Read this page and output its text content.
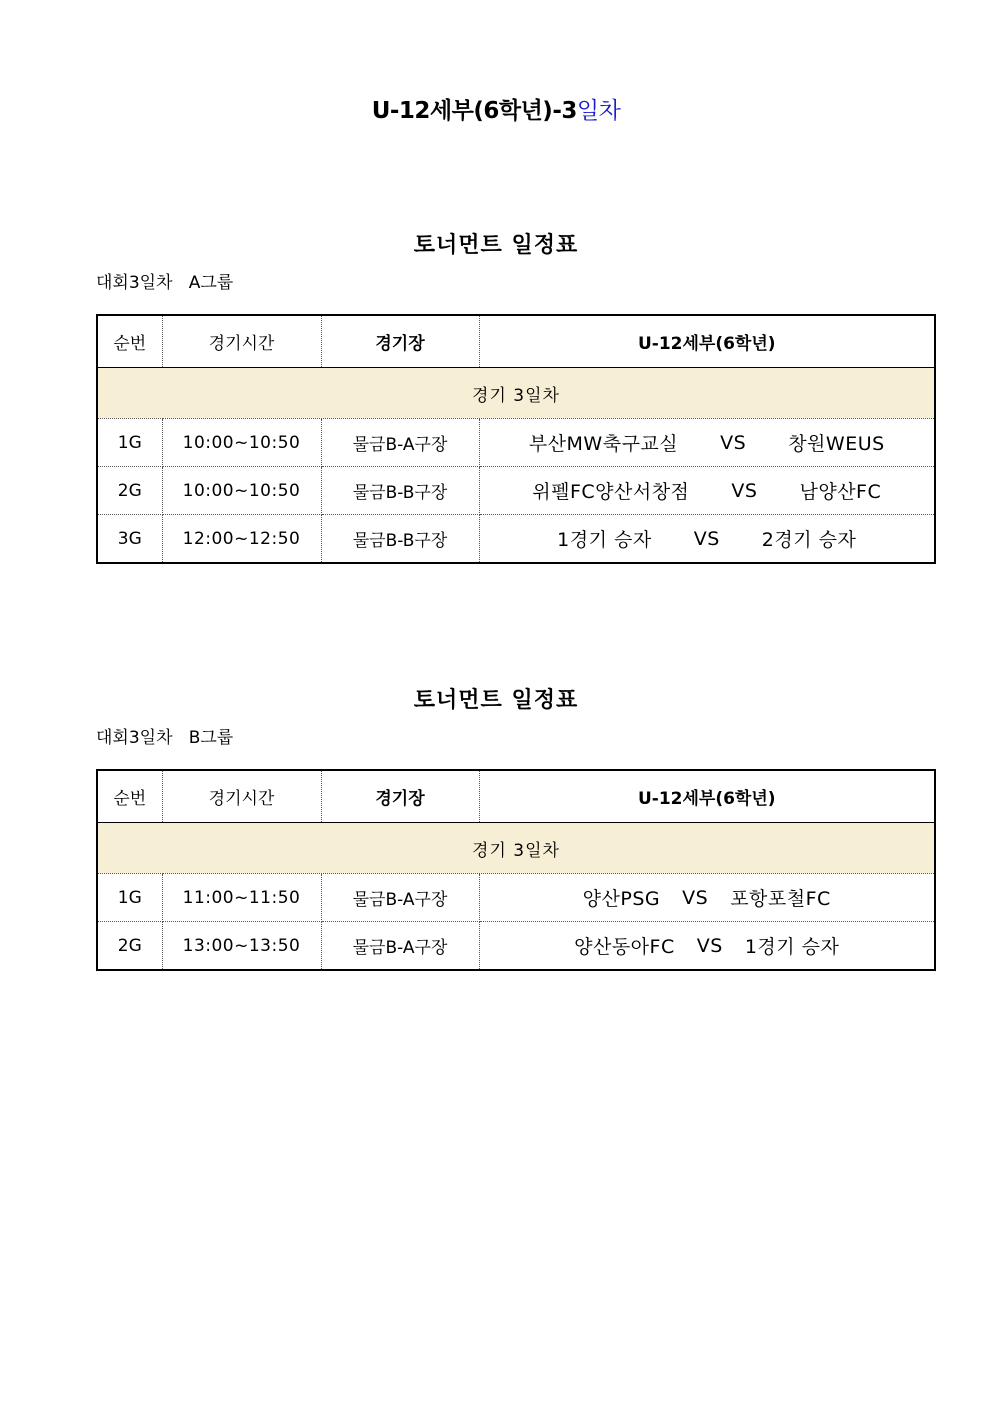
U-12세부(6학년)-3일차
토너먼트 일정표
대회3일차   A그룹
순번	경기시간	경기장	U-12세부(6학년)
경기 3일차			
1G	10:00~10:50	물금B-A구장	부산MW축구교실 VS 창원WEUS

2G	10:00~10:50	물금B-B구장	위펠FC양산서창점 VS 남양산FC

3G	12:00~12:50	물금B-B구장	1경기 승자 VS 2경기 승자
토너먼트 일정표
대회3일차   B그룹
순번	경기시간	경기장	U-12세부(6학년)
경기 3일차			
1G	11:00~11:50	물금B-A구장	양산PSG VS 포항포철FC

2G	13:00~13:50	물금B-A구장	양산동아FC VS 1경기 승자
